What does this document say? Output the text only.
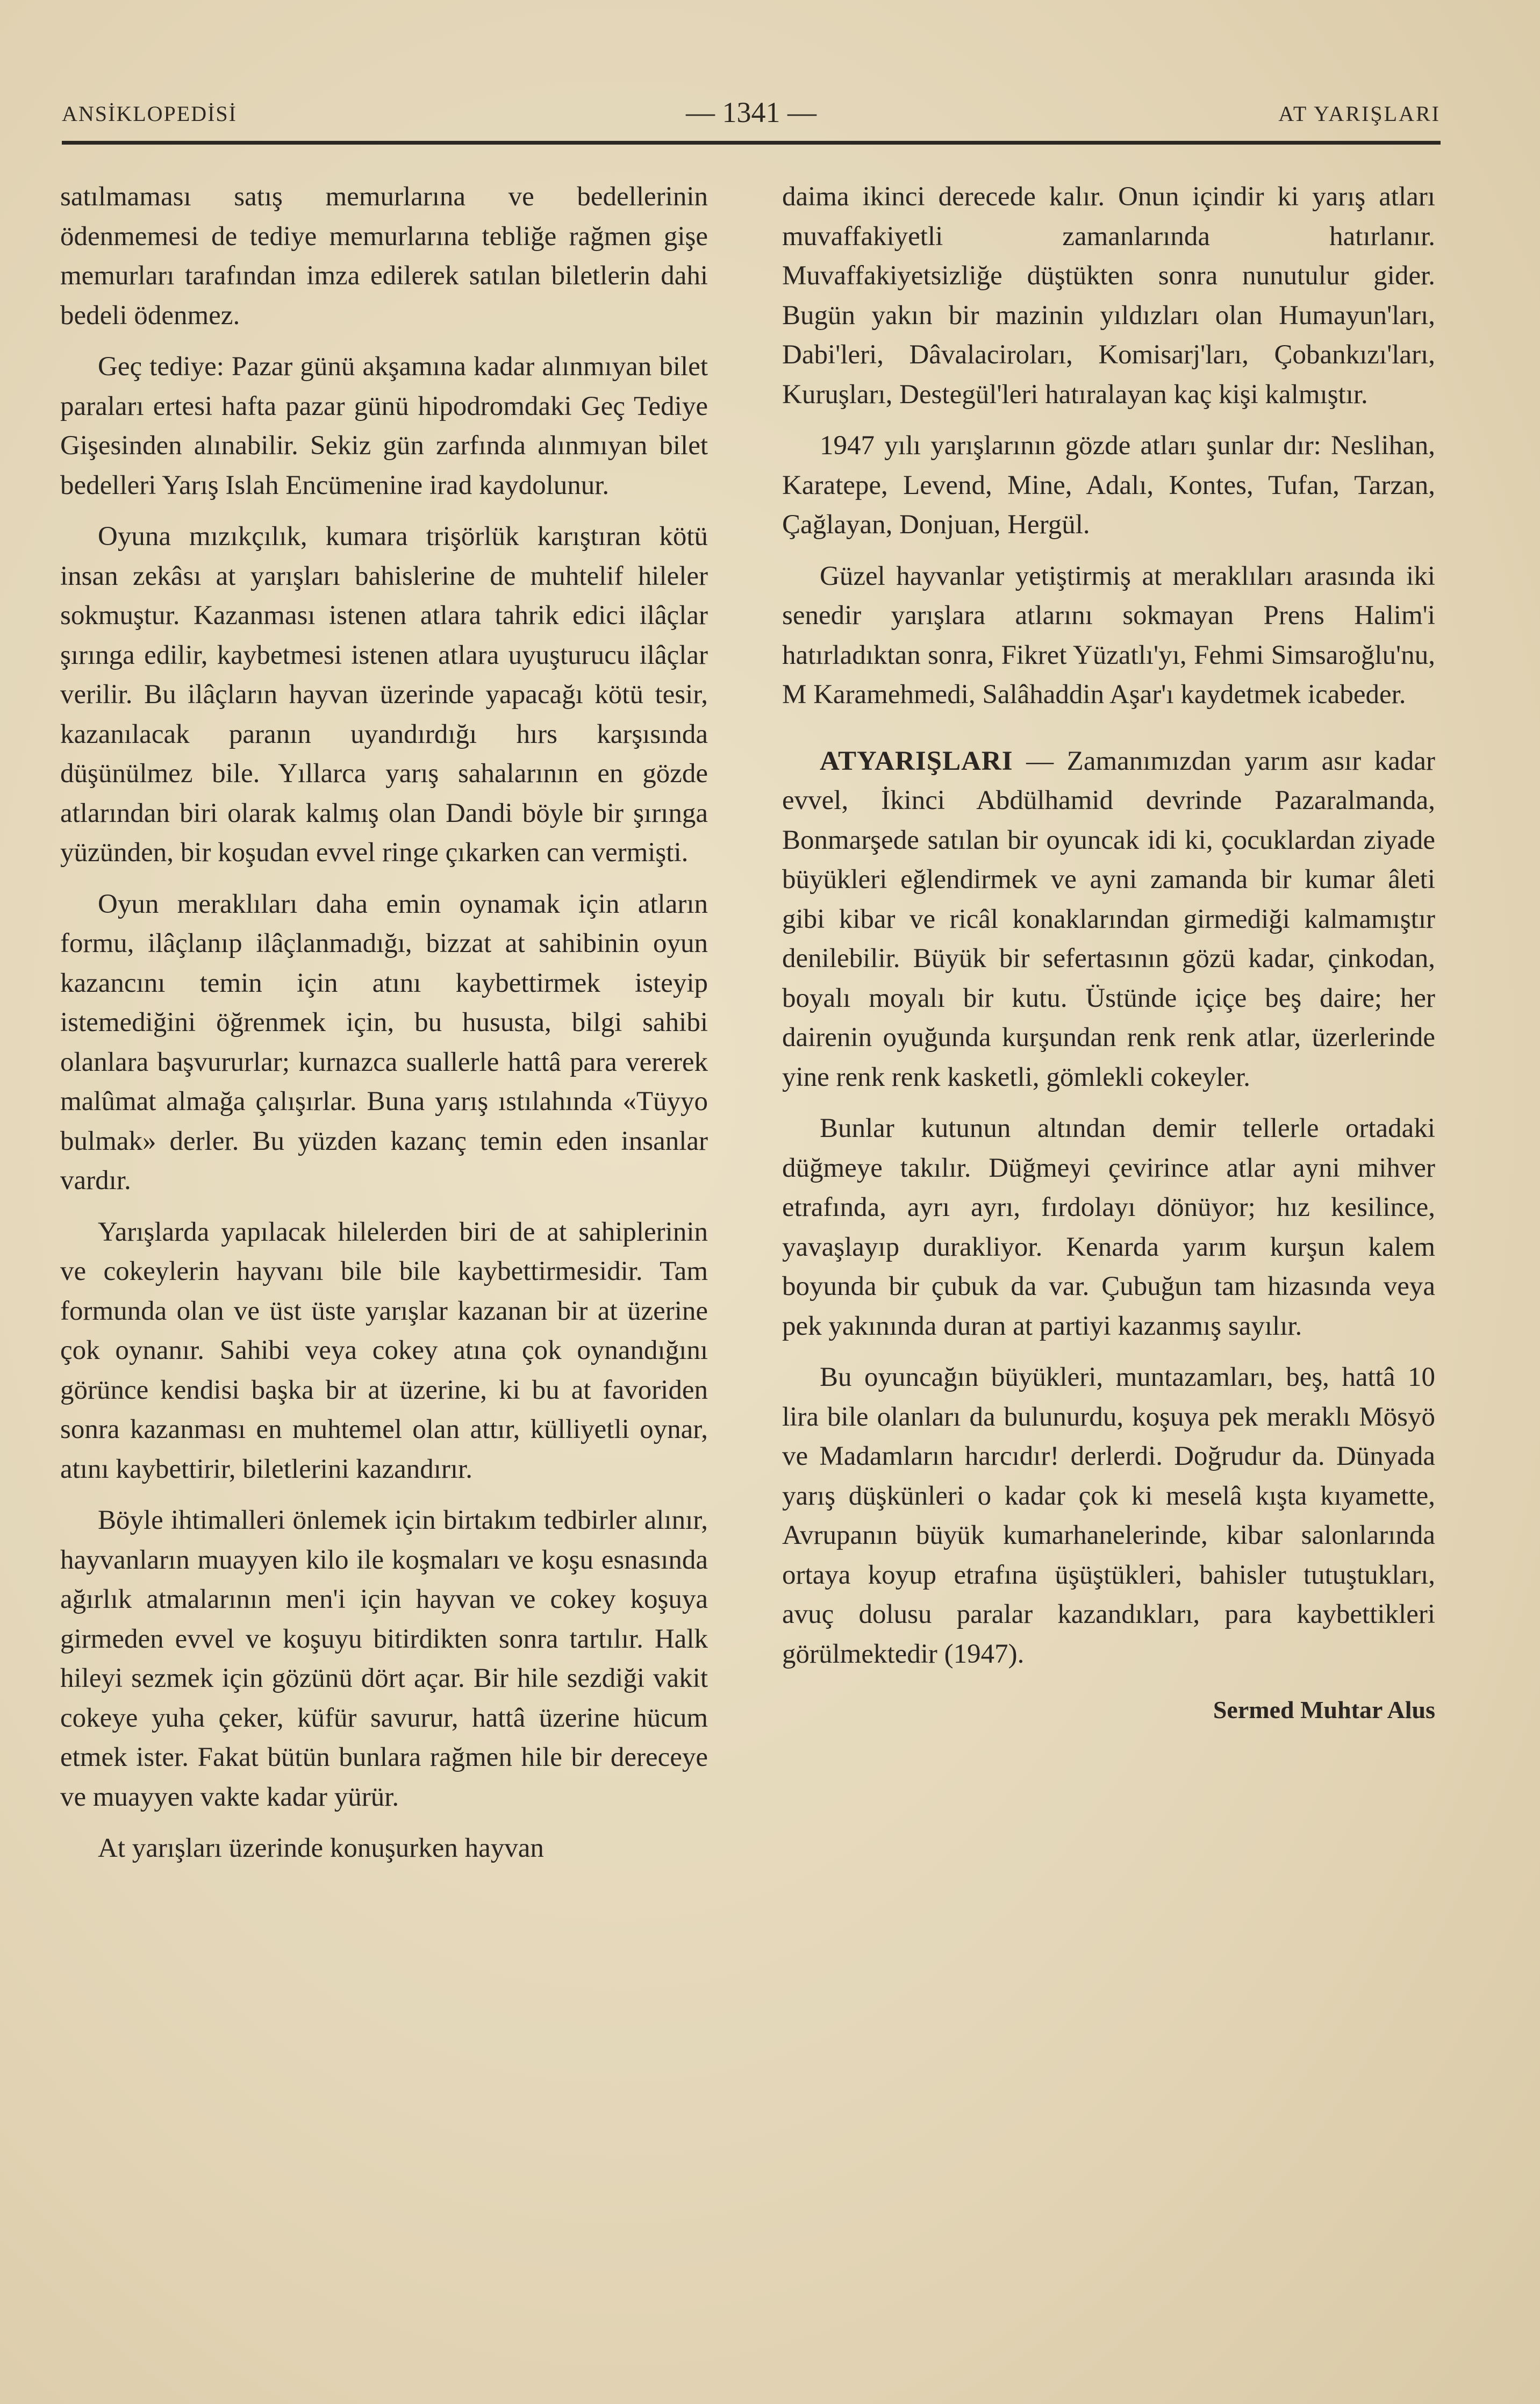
ANSİKLOPEDİSİ	— 1341 —	AT YARIŞLARI

satılmaması satış memurlarına ve bedellerinin ödenmemesi de tediye memurlarına tebliğe rağmen gişe memurları tarafından imza edilerek satılan biletlerin dahi bedeli ödenmez.

Geç tediye: Pazar günü akşamına kadar alınmıyan bilet paraları ertesi hafta pazar günü hipodromdaki Geç Tediye Gişesinden alınabilir. Sekiz gün zarfında alınmıyan bilet bedelleri Yarış Islah Encümenine irad kaydolunur.

Oyuna mızıkçılık, kumara trişörlük karıştıran kötü insan zekâsı at yarışları bahislerine de muhtelif hileler sokmuştur. Kazanması istenen atlara tahrik edici ilâçlar şırınga edilir, kaybetmesi istenen atlara uyuşturucu ilâçlar verilir. Bu ilâçların hayvan üzerinde yapacağı kötü tesir, kazanılacak paranın uyandırdığı hırs karşısında düşünülmez bile. Yıllarca yarış sahalarının en gözde atlarından biri olarak kalmış olan Dandi böyle bir şırınga yüzünden, bir koşudan evvel ringe çıkarken can vermişti.

Oyun meraklıları daha emin oynamak için atların formu, ilâçlanıp ilâçlanmadığı, bizzat at sahibinin oyun kazancını temin için atını kaybettirmek isteyip istemediğini öğrenmek için, bu hususta, bilgi sahibi olanlara başvururlar; kurnazca suallerle hattâ para vererek malûmat almağa çalışırlar. Buna yarış ıstılahında «Tüyyo bulmak» derler. Bu yüzden kazanç temin eden insanlar vardır.

Yarışlarda yapılacak hilelerden biri de at sahiplerinin ve cokeylerin hayvanı bile bile kaybettirmesidir. Tam formunda olan ve üst üste yarışlar kazanan bir at üzerine çok oynanır. Sahibi veya cokey atına çok oynandığını görünce kendisi başka bir at üzerine, ki bu at favoriden sonra kazanması en muhtemel olan attır, külliyetli oynar, atını kaybettirir, biletlerini kazandırır.

Böyle ihtimalleri önlemek için birtakım tedbirler alınır, hayvanların muayyen kilo ile koşmaları ve koşu esnasında ağırlık atmalarının men'i için hayvan ve cokey koşuya girmeden evvel ve koşuyu bitirdikten sonra tartılır. Halk hileyi sezmek için gözünü dört açar. Bir hile sezdiği vakit cokeye yuha çeker, küfür savurur, hattâ üzerine hücum etmek ister. Fakat bütün bunlara rağmen hile bir dereceye ve muayyen vakte kadar yürür.

At yarışları üzerinde konuşurken hayvan

daima ikinci derecede kalır. Onun içindir ki yarış atları muvaffakiyetli zamanlarında hatırlanır. Muvaffakiyetsizliğe düştükten sonra nunutulur gider. Bugün yakın bir mazinin yıldızları olan Humayun'ları, Dabi'leri, Dâvalaciroları, Komisarj'ları, Çobankızı'ları, Kuruşları, Destegül'leri hatıralayan kaç kişi kalmıştır.

1947 yılı yarışlarının gözde atları şunlar dır: Neslihan, Karatepe, Levend, Mine, Adalı, Kontes, Tufan, Tarzan, Çağlayan, Donjuan, Hergül.

Güzel hayvanlar yetiştirmiş at meraklıları arasında iki senedir yarışlara atlarını sokmayan Prens Halim'i hatırladıktan sonra, Fikret Yüzatlı'yı, Fehmi Simsaroğlu'nu, M Karamehmedi, Salâhaddin Aşar'ı kaydetmek icabeder.

ATYARIŞLARI — Zamanımızdan yarım asır kadar evvel, İkinci Abdülhamid devrinde Pazaralmanda, Bonmarşede satılan bir oyuncak idi ki, çocuklardan ziyade büyükleri eğlendirmek ve ayni zamanda bir kumar âleti gibi kibar ve ricâl konaklarından girmediği kalmamıştır denilebilir. Büyük bir sefertasının gözü kadar, çinkodan, boyalı moyalı bir kutu. Üstünde içiçe beş daire; her dairenin oyuğunda kurşundan renk renk atlar, üzerlerinde yine renk renk kasketli, gömlekli cokeyler.

Bunlar kutunun altından demir tellerle ortadaki düğmeye takılır. Düğmeyi çevirince atlar ayni mihver etrafında, ayrı ayrı, fırdolayı dönüyor; hız kesilince, yavaşlayıp durakliyor. Kenarda yarım kurşun kalem boyunda bir çubuk da var. Çubuğun tam hizasında veya pek yakınında duran at partiyi kazanmış sayılır.

Bu oyuncağın büyükleri, muntazamları, beş, hattâ 10 lira bile olanları da bulunurdu, koşuya pek meraklı Mösyö ve Madamların harcıdır! derlerdi. Doğrudur da. Dünyada yarış düşkünleri o kadar çok ki meselâ kışta kıyamette, Avrupanın büyük kumarhanelerinde, kibar salonlarında ortaya koyup etrafına üşüştükleri, bahisler tutuştukları, avuç dolusu paralar kazandıkları, para kaybettikleri görülmektedir (1947).

Sermed Muhtar Alus
